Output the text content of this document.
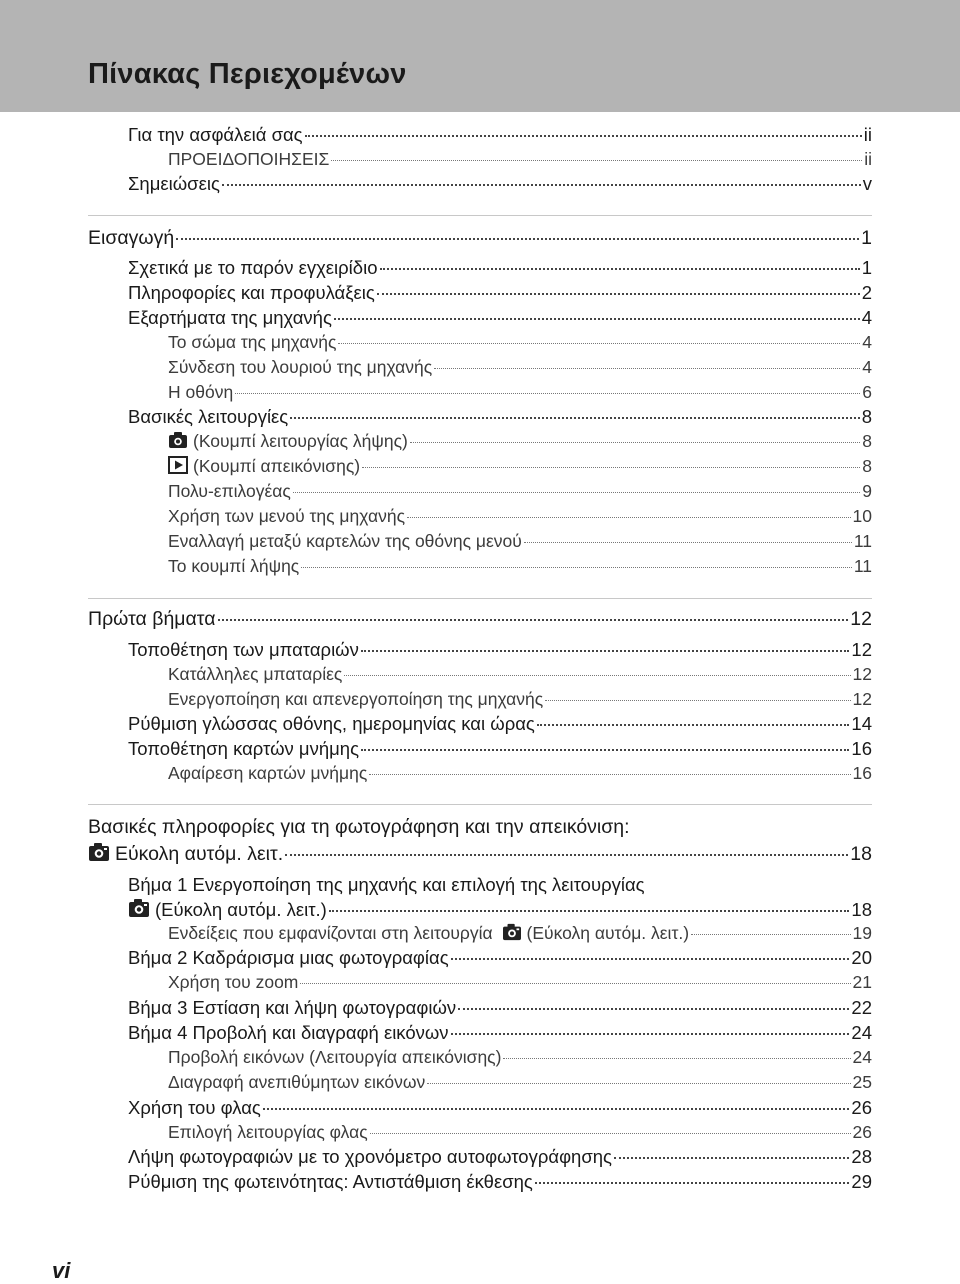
Πίνακας Περιεχομένων
Για την ασφάλειά σας	ii
ΠΡΟΕΙΔΟΠΟΙΗΣΕΙΣ	ii
Σημειώσεις	v
Εισαγωγή	1
Σχετικά με το παρόν εγχειρίδιο	1
Πληροφορίες και προφυλάξεις	2
Εξαρτήματα της μηχανής	4
Το σώμα της μηχανής	4
Σύνδεση του λουριού της μηχανής	4
Η οθόνη	6
Βασικές λειτουργίες	8
(Κουμπί λειτουργίας λήψης)	8
(Κουμπί απεικόνισης)	8
Πολυ-επιλογέας	9
Χρήση των μενού της μηχανής	10
Εναλλαγή μεταξύ καρτελών της οθόνης μενού	11
Το κουμπί λήψης	11
Πρώτα βήματα	12
Τοποθέτηση των μπαταριών	12
Κατάλληλες μπαταρίες	12
Ενεργοποίηση και απενεργοποίηση της μηχανής	12
Ρύθμιση γλώσσας οθόνης, ημερομηνίας και ώρας	14
Τοποθέτηση καρτών μνήμης	16
Αφαίρεση καρτών μνήμης	16
Βασικές πληροφορίες για τη φωτογράφηση και την απεικόνιση:
Εύκολη αυτόμ. λειτ.	18
Βήμα 1 Ενεργοποίηση της μηχανής και επιλογή της λειτουργίας
(Εύκολη αυτόμ. λειτ.)	18
Ενδείξεις που εμφανίζονται στη λειτουργία (Εύκολη αυτόμ. λειτ.)	19
Βήμα 2 Καδράρισμα μιας φωτογραφίας	20
Χρήση του zoom	21
Βήμα 3 Εστίαση και λήψη φωτογραφιών	22
Βήμα 4 Προβολή και διαγραφή εικόνων	24
Προβολή εικόνων (Λειτουργία απεικόνισης)	24
Διαγραφή ανεπιθύμητων εικόνων	25
Χρήση του φλας	26
Επιλογή λειτουργίας φλας	26
Λήψη φωτογραφιών με το χρονόμετρο αυτοφωτογράφησης	28
Ρύθμιση της φωτεινότητας: Αντιστάθμιση έκθεσης	29
vi
